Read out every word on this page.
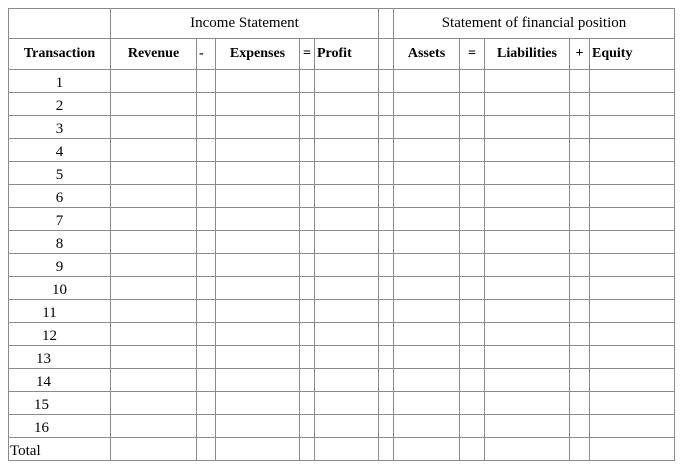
	Income Statement						Statement of financial position				
Transaction	Revenue	-	Expenses	=	Profit		Assets	=	Liabilities	+	Equity
1											
2											
3											
4											
5											
6											
7											
8											
9											
10											
11											
12											
13											
14											
15											
16											
Total											
